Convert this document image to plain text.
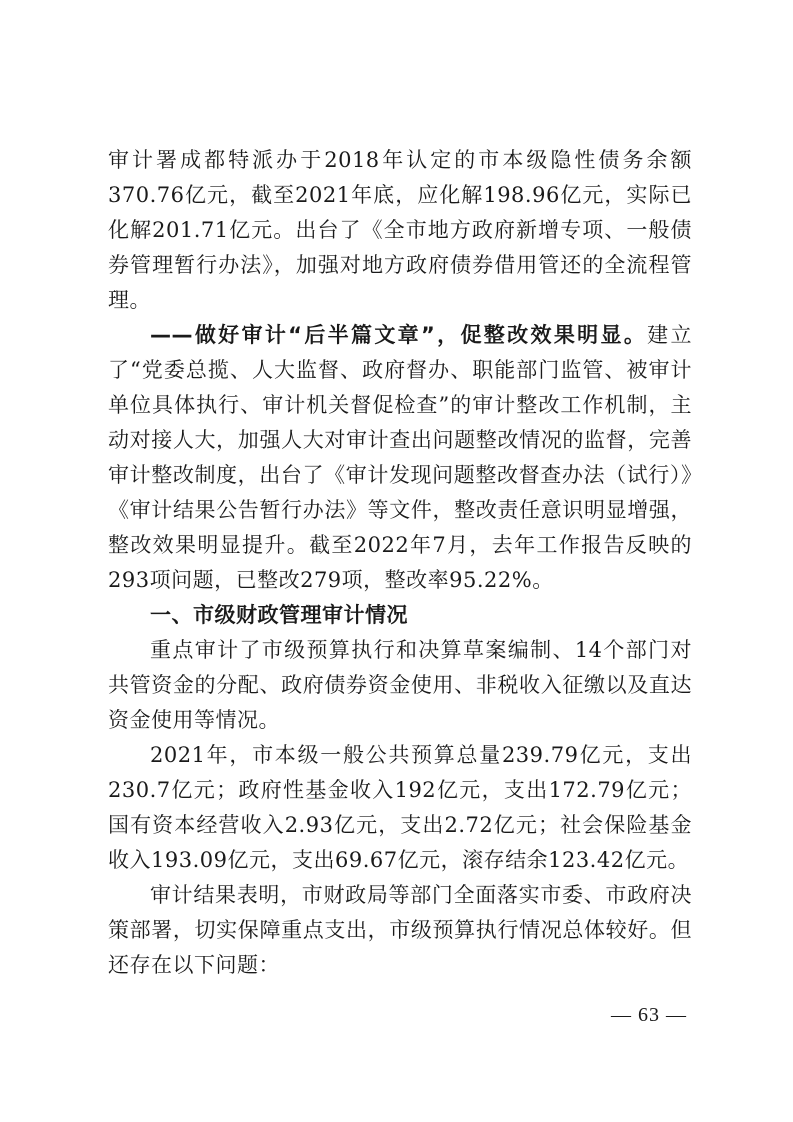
审计署成都特派办于2018年认定的市本级隐性债务余额370.76亿元，截至2021年底，应化解198.96亿元，实际已化解201.71亿元。出台了《全市地方政府新增专项、一般债券管理暂行办法》，加强对地方政府债券借用管还的全流程管理。

——做好审计“后半篇文章”，促整改效果明显。建立了“党委总揽、人大监督、政府督办、职能部门监管、被审计单位具体执行、审计机关督促检查”的审计整改工作机制，主动对接人大，加强人大对审计查出问题整改情况的监督，完善审计整改制度，出台了《审计发现问题整改督查办法（试行）》《审计结果公告暂行办法》等文件，整改责任意识明显增强，整改效果明显提升。截至2022年7月，去年工作报告反映的293项问题，已整改279项，整改率95.22%。

一、市级财政管理审计情况

重点审计了市级预算执行和决算草案编制、14个部门对共管资金的分配、政府债券资金使用、非税收入征缴以及直达资金使用等情况。

2021年，市本级一般公共预算总量239.79亿元，支出230.7亿元；政府性基金收入192亿元，支出172.79亿元；国有资本经营收入2.93亿元，支出2.72亿元；社会保险基金收入193.09亿元，支出69.67亿元，滚存结余123.42亿元。

审计结果表明，市财政局等部门全面落实市委、市政府决策部署，切实保障重点支出，市级预算执行情况总体较好。但还存在以下问题：

— 63 —
